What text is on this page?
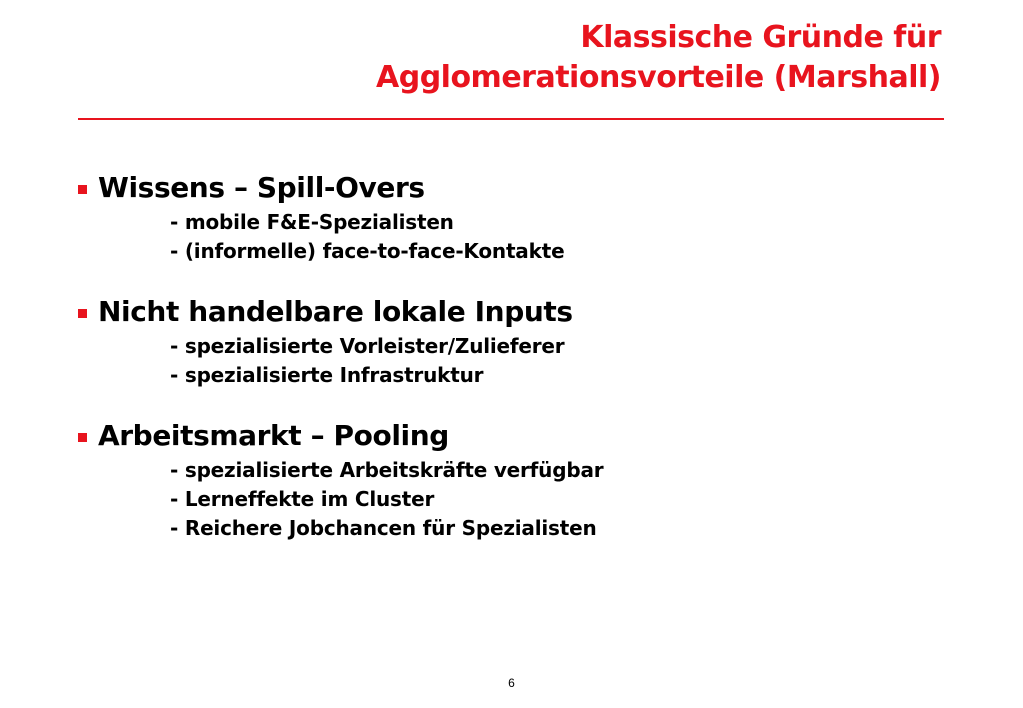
Klassische Gründe für
Agglomerationsvorteile (Marshall)
Wissens – Spill-Overs
- mobile F&E-Spezialisten
- (informelle) face-to-face-Kontakte
Nicht handelbare lokale Inputs
- spezialisierte Vorleister/Zulieferer
- spezialisierte Infrastruktur
Arbeitsmarkt – Pooling
- spezialisierte Arbeitskräfte verfügbar
- Lerneffekte im Cluster
- Reichere Jobchancen für Spezialisten
6
